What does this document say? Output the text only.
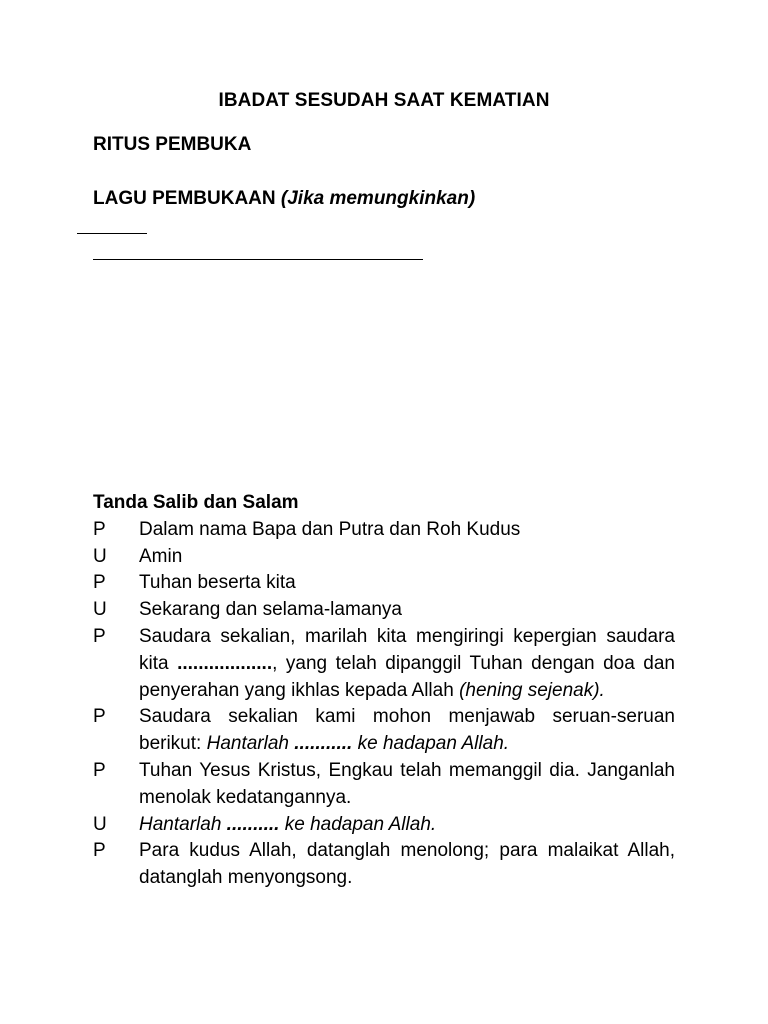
IBADAT SESUDAH SAAT KEMATIAN
RITUS PEMBUKA
LAGU PEMBUKAAN (Jika memungkinkan)
Tanda Salib dan Salam
P	Dalam nama Bapa dan Putra dan Roh Kudus
U	Amin
P	Tuhan beserta kita
U	Sekarang dan selama-lamanya
P	Saudara sekalian, marilah kita mengiringi kepergian saudara kita .................., yang telah dipanggil Tuhan dengan doa dan penyerahan yang ikhlas kepada Allah (hening sejenak).
P	Saudara sekalian kami mohon menjawab seruan-seruan berikut: Hantarlah ........... ke hadapan Allah.
P	Tuhan Yesus Kristus, Engkau telah memanggil dia. Janganlah menolak kedatangannya.
U	Hantarlah .......... ke hadapan Allah.
P	Para kudus Allah, datanglah menolong; para malaikat Allah, datanglah menyongsong.
